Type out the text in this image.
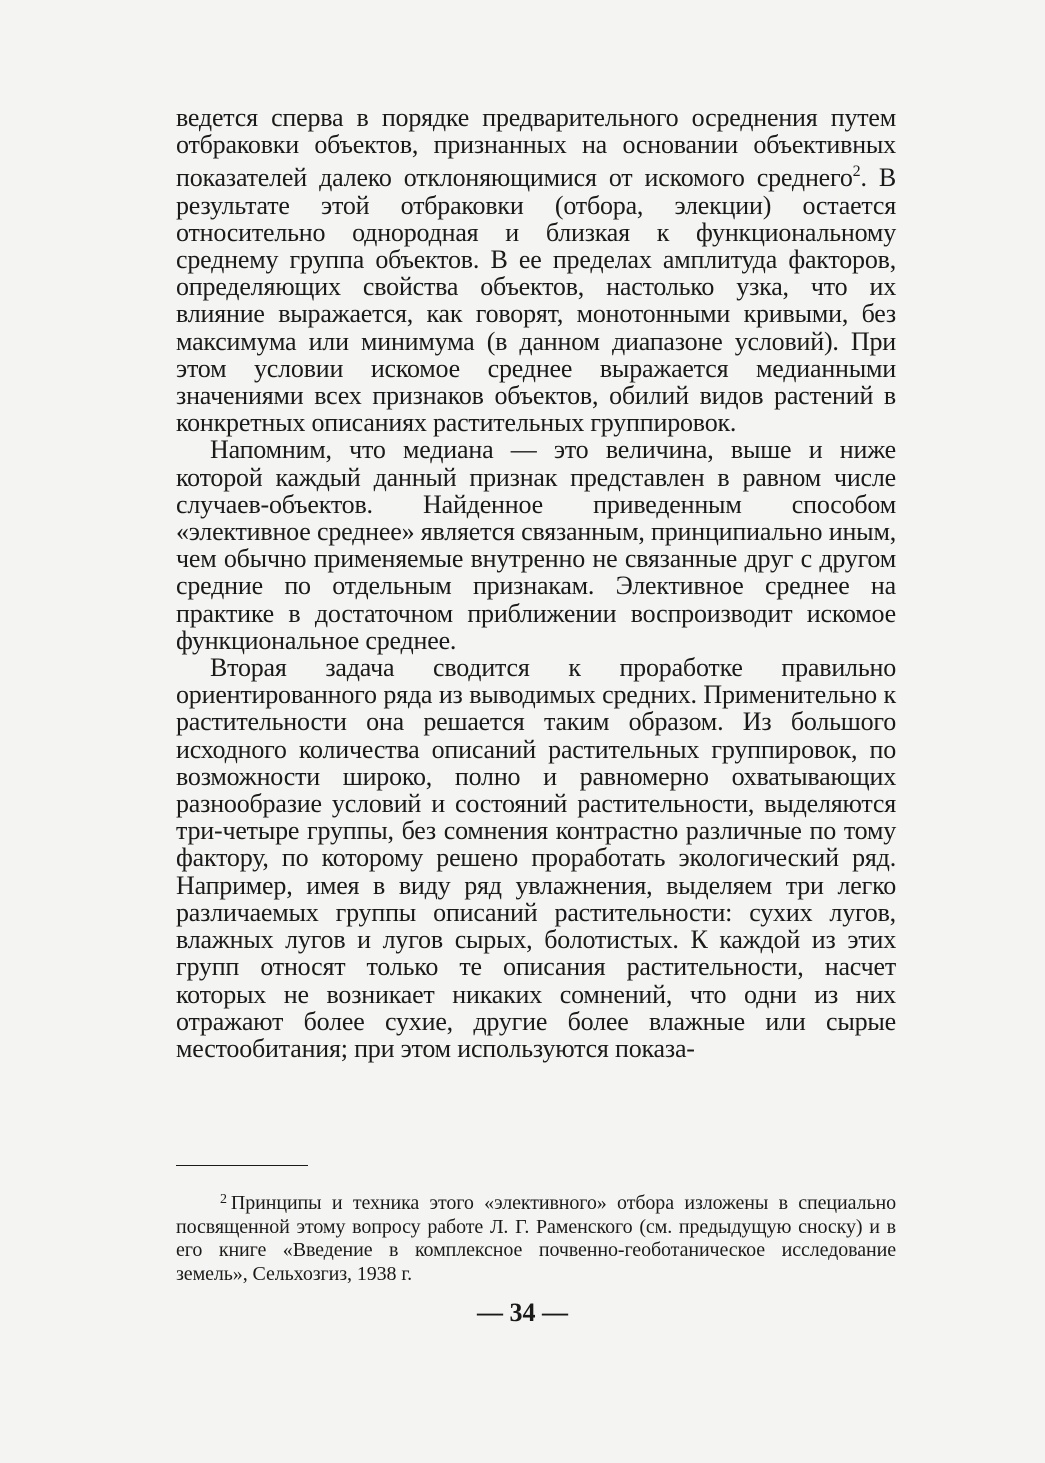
ведется сперва в порядке предварительного осреднения путем отбраковки объектов, признанных на основании объективных показателей далеко отклоняющимися от искомого среднего$^2$. В результате этой отбраковки (отбора, элекции) остается относительно однородная и близкая к функциональному среднему группа объектов. В ее пределах амплитуда факторов, определяющих свойства объектов, настолько узка, что их влияние выражается, как говорят, монотонными кривыми, без максимума или минимума (в данном диапазоне условий). При этом условии искомое среднее выражается медианными значениями всех признаков объектов, обилий видов растений в конкретных описаниях растительных группировок.

Напомним, что медиана — это величина, выше и ниже которой каждый данный признак представлен в равном числе случаев-объектов. Найденное приведенным способом «элективное среднее» является связанным, принципиально иным, чем обычно применяемые внутренно не связанные друг с другом средние по отдельным признакам. Элективное среднее на практике в достаточном приближении воспроизводит искомое функциональное среднее.

Вторая задача сводится к проработке правильно ориентированного ряда из выводимых средних. Применительно к растительности она решается таким образом. Из большого исходного количества описаний растительных группировок, по возможности широко, полно и равномерно охватывающих разнообразие условий и состояний растительности, выделяются три-четыре группы, без сомнения контрастно различные по тому фактору, по которому решено проработать экологический ряд. Например, имея в виду ряд увлажнения, выделяем три легко различаемых группы описаний растительности: сухих лугов, влажных лугов и лугов сырых, болотистых. К каждой из этих групп относят только те описания растительности, насчет которых не возникает никаких сомнений, что одни из них отражают более сухие, другие более влажные или сырые местообитания; при этом используются показа-

$^2$ Принципы и техника этого «элективного» отбора изложены в специально посвященной этому вопросу работе Л. Г. Раменского (см. предыдущую сноску) и в его книге «Введение в комплексное почвенно-геоботаническое исследование земель», Сельхозгиз, 1938 г.

— 34 —
